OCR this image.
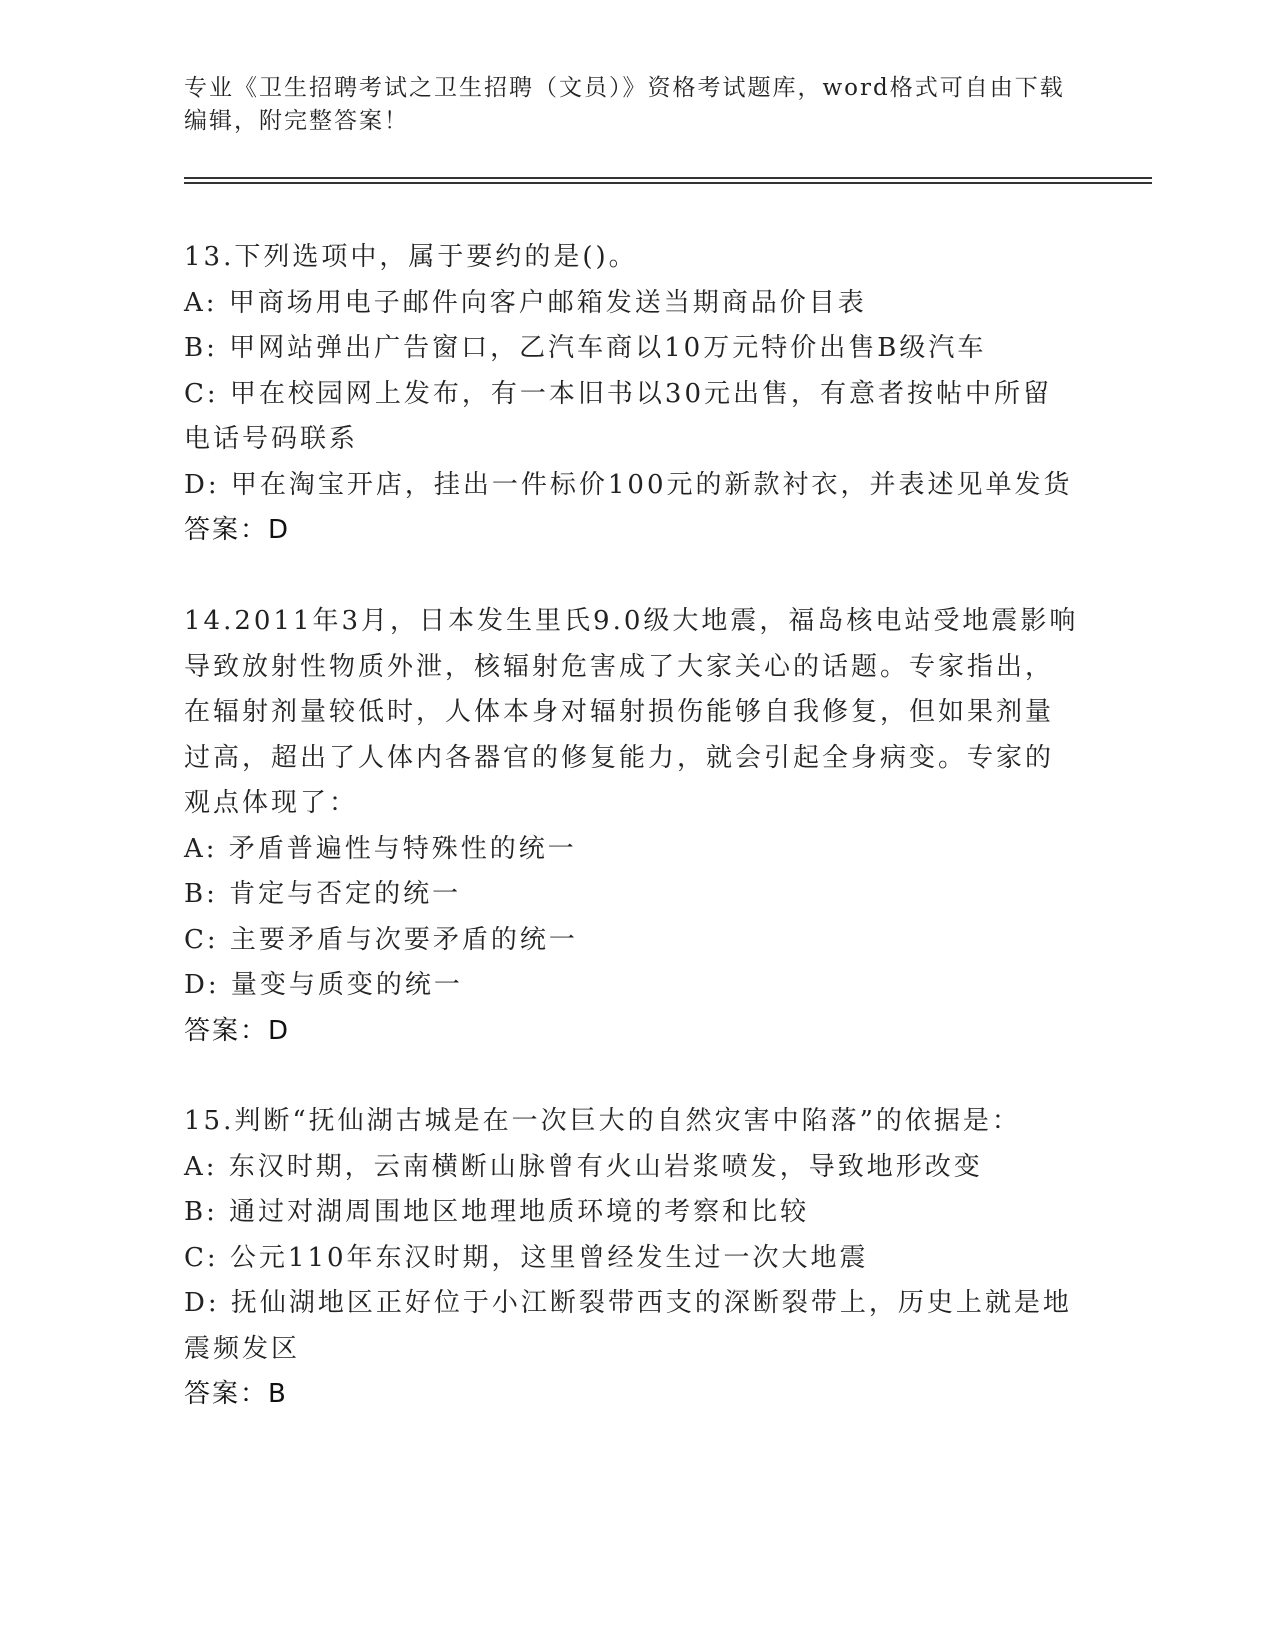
专业《卫生招聘考试之卫生招聘（文员）》资格考试题库，word格式可自由下载
编辑，附完整答案！
13.下列选项中，属于要约的是()。
A: 甲商场用电子邮件向客户邮箱发送当期商品价目表
B: 甲网站弹出广告窗口，乙汽车商以10万元特价出售B级汽车
C: 甲在校园网上发布，有一本旧书以30元出售，有意者按帖中所留
电话号码联系
D: 甲在淘宝开店，挂出一件标价100元的新款衬衣，并表述见单发货
答案：D
14.2011年3月，日本发生里氏9.0级大地震，福岛核电站受地震影响
导致放射性物质外泄，核辐射危害成了大家关心的话题。专家指出，
在辐射剂量较低时，人体本身对辐射损伤能够自我修复，但如果剂量
过高，超出了人体内各器官的修复能力，就会引起全身病变。专家的
观点体现了：
A: 矛盾普遍性与特殊性的统一
B: 肯定与否定的统一
C: 主要矛盾与次要矛盾的统一
D: 量变与质变的统一
答案：D
15.判断“抚仙湖古城是在一次巨大的自然灾害中陷落”的依据是：
A: 东汉时期，云南横断山脉曾有火山岩浆喷发，导致地形改变
B: 通过对湖周围地区地理地质环境的考察和比较
C: 公元110年东汉时期，这里曾经发生过一次大地震
D: 抚仙湖地区正好位于小江断裂带西支的深断裂带上，历史上就是地
震频发区
答案：B
